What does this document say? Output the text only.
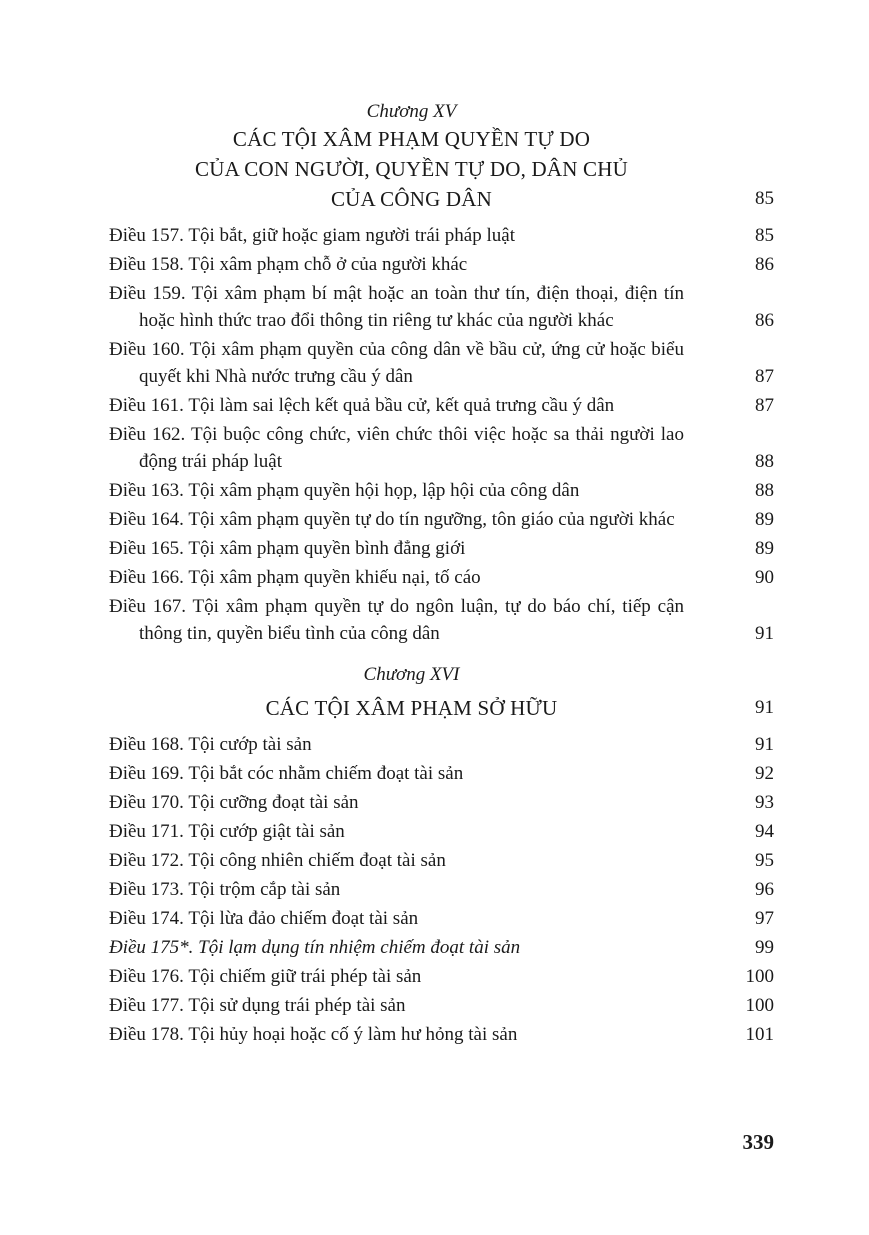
Chương XV
CÁC TỘI XÂM PHẠM QUYỀN TỰ DO
CỦA CON NGƯỜI, QUYỀN TỰ DO, DÂN CHỦ
CỦA CÔNG DÂN	85
Điều 157. Tội bắt, giữ hoặc giam người trái pháp luật	85
Điều 158. Tội xâm phạm chỗ ở của người khác	86
Điều 159. Tội xâm phạm bí mật hoặc an toàn thư tín, điện thoại, điện tín hoặc hình thức trao đổi thông tin riêng tư khác của người khác	86
Điều 160. Tội xâm phạm quyền của công dân về bầu cử, ứng cử hoặc biểu quyết khi Nhà nước trưng cầu ý dân	87
Điều 161. Tội làm sai lệch kết quả bầu cử, kết quả trưng cầu ý dân	87
Điều 162. Tội buộc công chức, viên chức thôi việc hoặc sa thải người lao động trái pháp luật	88
Điều 163. Tội xâm phạm quyền hội họp, lập hội của công dân	88
Điều 164. Tội xâm phạm quyền tự do tín ngưỡng, tôn giáo của người khác	89
Điều 165. Tội xâm phạm quyền bình đẳng giới	89
Điều 166. Tội xâm phạm quyền khiếu nại, tố cáo	90
Điều 167. Tội xâm phạm quyền tự do ngôn luận, tự do báo chí, tiếp cận thông tin, quyền biểu tình của công dân	91
Chương XVI
CÁC TỘI XÂM PHẠM SỞ HỮU	91
Điều 168. Tội cướp tài sản	91
Điều 169. Tội bắt cóc nhằm chiếm đoạt tài sản	92
Điều 170. Tội cưỡng đoạt tài sản	93
Điều 171. Tội cướp giật tài sản	94
Điều 172. Tội công nhiên chiếm đoạt tài sản	95
Điều 173. Tội trộm cắp tài sản	96
Điều 174. Tội lừa đảo chiếm đoạt tài sản	97
Điều 175*. Tội lạm dụng tín nhiệm chiếm đoạt tài sản	99
Điều 176. Tội chiếm giữ trái phép tài sản	100
Điều 177. Tội sử dụng trái phép tài sản	100
Điều 178. Tội hủy hoại hoặc cố ý làm hư hỏng tài sản	101
339
